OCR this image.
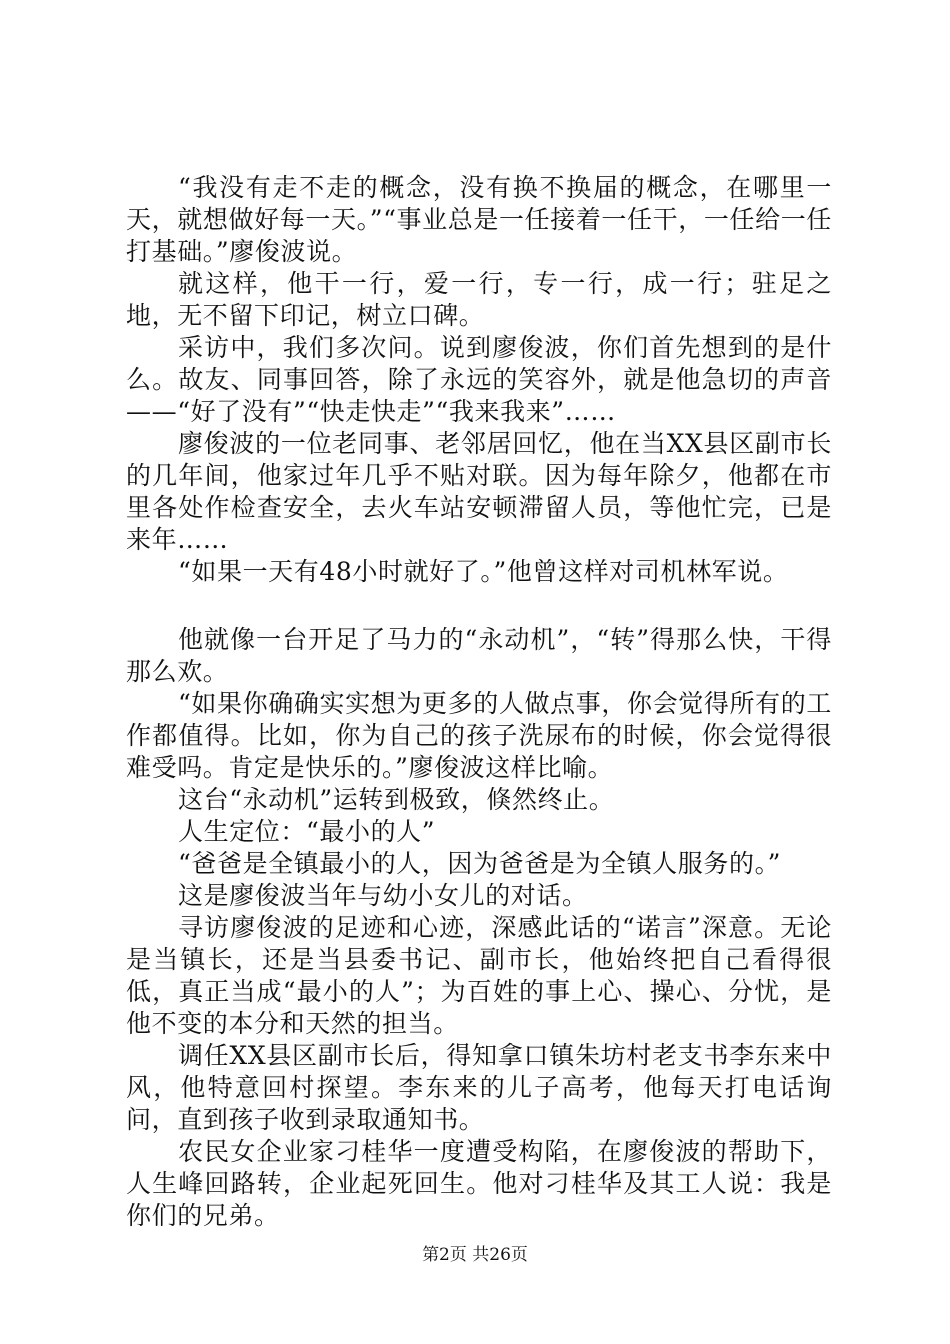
“我没有走不走的概念，没有换不换届的概念，在哪里一天，就想做好每一天。”“事业总是一任接着一任干，一任给一任打基础。”廖俊波说。

就这样，他干一行，爱一行，专一行，成一行；驻足之地，无不留下印记，树立口碑。

采访中，我们多次问。说到廖俊波，你们首先想到的是什么。故友、同事回答，除了永远的笑容外，就是他急切的声音——“好了没有”“快走快走”“我来我来”……

廖俊波的一位老同事、老邻居回忆，他在当XX县区副市长的几年间，他家过年几乎不贴对联。因为每年除夕，他都在市里各处作检查安全，去火车站安顿滞留人员，等他忙完，已是来年……

“如果一天有48小时就好了。”他曾这样对司机林军说。

他就像一台开足了马力的“永动机”，“转”得那么快，干得那么欢。

“如果你确确实实想为更多的人做点事，你会觉得所有的工作都值得。比如，你为自己的孩子洗尿布的时候，你会觉得很难受吗。肯定是快乐的。”廖俊波这样比喻。

这台“永动机”运转到极致，倏然终止。

人生定位：“最小的人”

“爸爸是全镇最小的人，因为爸爸是为全镇人服务的。”

这是廖俊波当年与幼小女儿的对话。

寻访廖俊波的足迹和心迹，深感此话的“诺言”深意。无论是当镇长，还是当县委书记、副市长，他始终把自己看得很低，真正当成“最小的人”；为百姓的事上心、操心、分忧，是他不变的本分和天然的担当。

调任XX县区副市长后，得知拿口镇朱坊村老支书李东来中风，他特意回村探望。李东来的儿子高考，他每天打电话询问，直到孩子收到录取通知书。

农民女企业家刁桂华一度遭受构陷，在廖俊波的帮助下，人生峰回路转，企业起死回生。他对刁桂华及其工人说：我是你们的兄弟。

第2页 共26页
